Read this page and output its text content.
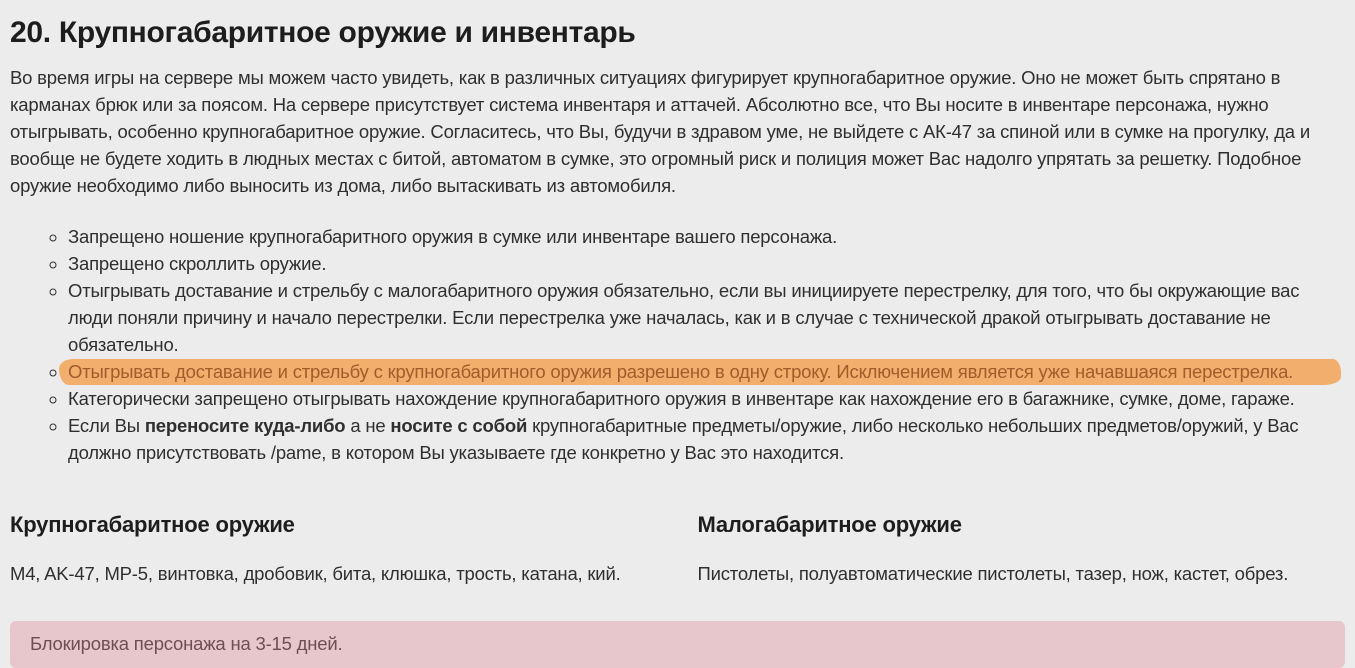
20. Крупногабаритное оружие и инвентарь

Во время игры на сервере мы можем часто увидеть, как в различных ситуациях фигурирует крупногабаритное оружие. Оно не может быть спрятано в карманах брюк или за поясом. На сервере присутствует система инвентаря и аттачей. Абсолютно все, что Вы носите в инвентаре персонажа, нужно отыгрывать, особенно крупногабаритное оружие. Согласитесь, что Вы, будучи в здравом уме, не выйдете с АК-47 за спиной или в сумке на прогулку, да и вообще не будете ходить в людных местах с битой, автоматом в сумке, это огромный риск и полиция может Вас надолго упрятать за решетку. Подобное оружие необходимо либо выносить из дома, либо вытаскивать из автомобиля.

◦ Запрещено ношение крупногабаритного оружия в сумке или инвентаре вашего персонажа.
◦ Запрещено скроллить оружие.
◦ Отыгрывать доставание и стрельбу с малогабаритного оружия обязательно, если вы инициируете перестрелку, для того, что бы окружающие вас люди поняли причину и начало перестрелки. Если перестрелка уже началась, как и в случае с технической дракой отыгрывать доставание не обязательно.
◦ Отыгрывать доставание и стрельбу с крупногабаритного оружия разрешено в одну строку. Исключением является уже начавшаяся перестрелка.
◦ Категорически запрещено отыгрывать нахождение крупногабаритного оружия в инвентаре как нахождение его в багажнике, сумке, доме, гараже.
◦ Если Вы переносите куда-либо а не носите с собой крупногабаритные предметы/оружие, либо несколько небольших предметов/оружий, у Вас должно присутствовать /pame, в котором Вы указываете где конкретно у Вас это находится.
Крупногабаритное оружие

M4, AK-47, MP-5, винтовка, дробовик, бита, клюшка, трость, катана, кий.

Малогабаритное оружие

Пистолеты, полуавтоматические пистолеты, тазер, нож, кастет, обрез.

Блокировка персонажа на 3-15 дней.
